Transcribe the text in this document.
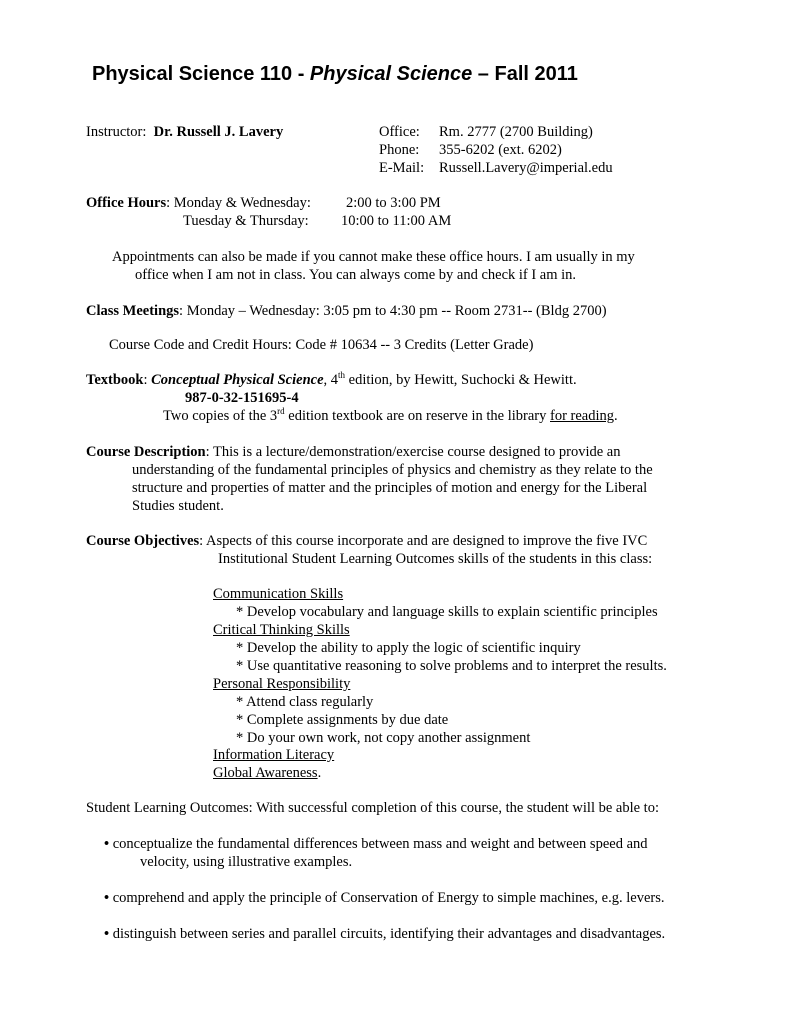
Physical Science 110 - Physical Science – Fall 2011
Instructor: Dr. Russell J. Lavery	Office: Rm. 2777 (2700 Building)
Phone: 355-6202 (ext. 6202)
E-Mail: Russell.Lavery@imperial.edu
Office Hours: Monday & Wednesday: 2:00 to 3:00 PM
Tuesday & Thursday: 10:00 to 11:00 AM
Appointments can also be made if you cannot make these office hours. I am usually in my
office when I am not in class. You can always come by and check if I am in.
Class Meetings: Monday – Wednesday: 3:05 pm to 4:30 pm -- Room 2731-- (Bldg 2700)
Course Code and Credit Hours: Code # 10634 -- 3 Credits (Letter Grade)
Textbook: Conceptual Physical Science, 4th edition, by Hewitt, Suchocki & Hewitt.
987-0-32-151695-4
Two copies of the 3rd edition textbook are on reserve in the library for reading.
Course Description: This is a lecture/demonstration/exercise course designed to provide an
understanding of the fundamental principles of physics and chemistry as they relate to the
structure and properties of matter and the principles of motion and energy for the Liberal
Studies student.
Course Objectives: Aspects of this course incorporate and are designed to improve the five IVC
Institutional Student Learning Outcomes skills of the students in this class:
Communication Skills
* Develop vocabulary and language skills to explain scientific principles
Critical Thinking Skills
* Develop the ability to apply the logic of scientific inquiry
* Use quantitative reasoning to solve problems and to interpret the results.
Personal Responsibility
* Attend class regularly
* Complete assignments by due date
* Do your own work, not copy another assignment
Information Literacy
Global Awareness.
Student Learning Outcomes: With successful completion of this course, the student will be able to:
• conceptualize the fundamental differences between mass and weight and between speed and
velocity, using illustrative examples.
• comprehend and apply the principle of Conservation of Energy to simple machines, e.g. levers.
• distinguish between series and parallel circuits, identifying their advantages and disadvantages.
